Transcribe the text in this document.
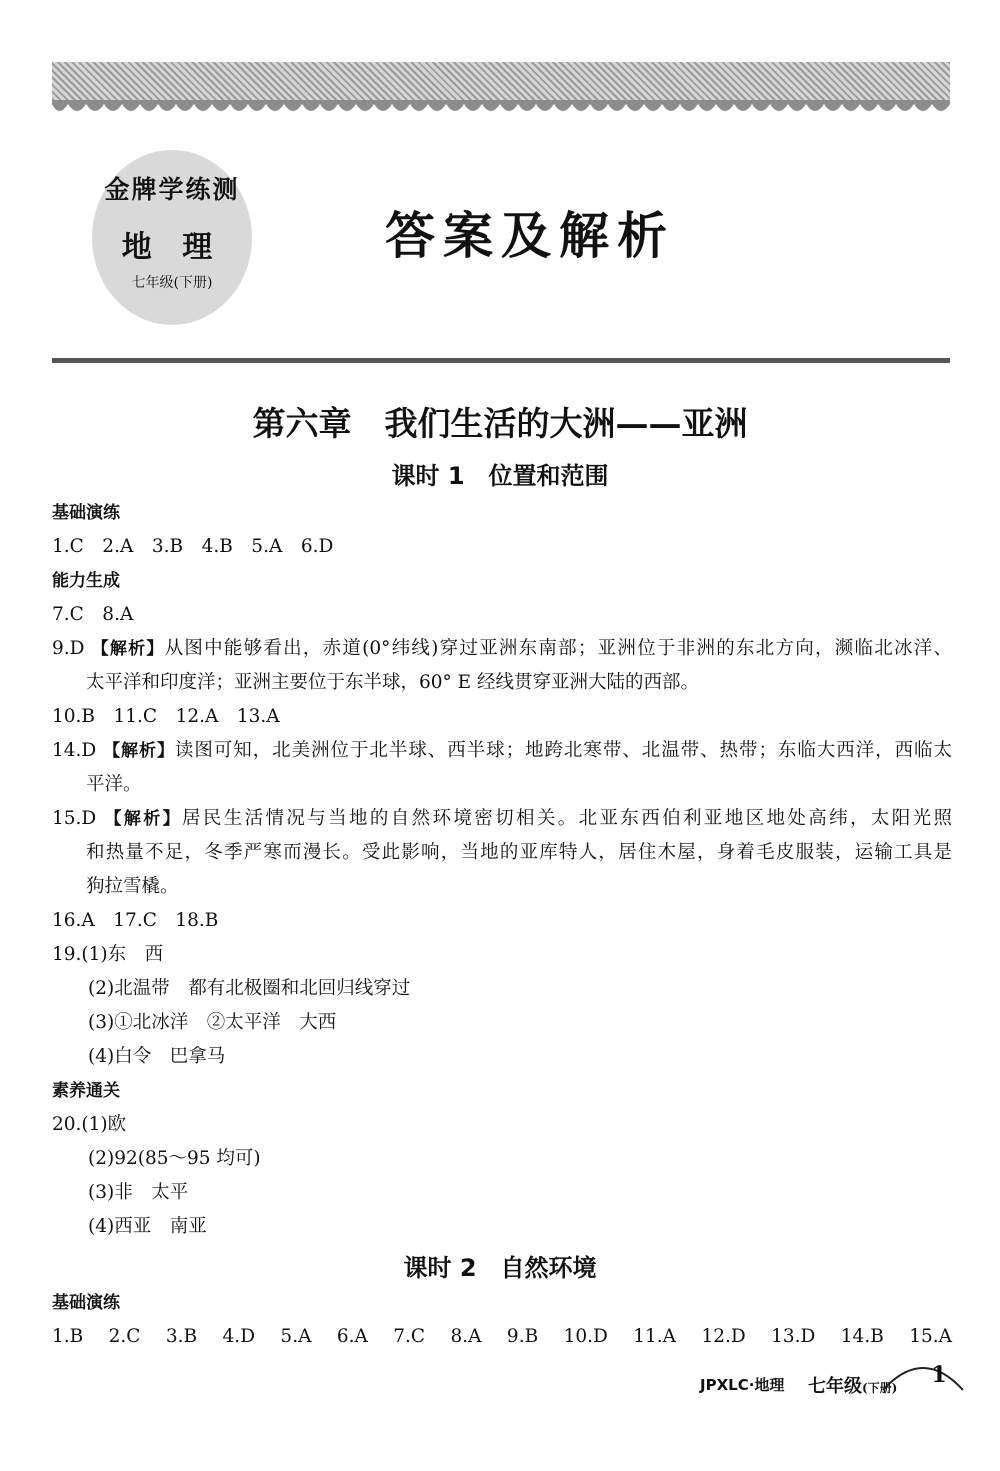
金牌学练测
地 理
七年级(下册)
答案及解析
第六章　我们生活的大洲——亚洲
课时 1　位置和范围
基础演练
1.C　2.A　3.B　4.B　5.A　6.D
能力生成
7.C　8.A
9.D 【解析】从图中能够看出，赤道(0°纬线)穿过亚洲东南部；亚洲位于非洲的东北方向，濒临北冰洋、
太平洋和印度洋；亚洲主要位于东半球，60° E 经线贯穿亚洲大陆的西部。
10.B　11.C　12.A　13.A
14.D 【解析】读图可知，北美洲位于北半球、西半球；地跨北寒带、北温带、热带；东临大西洋，西临太
平洋。
15.D 【解析】居民生活情况与当地的自然环境密切相关。北亚东西伯利亚地区地处高纬，太阳光照
和热量不足，冬季严寒而漫长。受此影响，当地的亚库特人，居住木屋，身着毛皮服装，运输工具是
狗拉雪橇。
16.A　17.C　18.B
19.(1)东　西
(2)北温带　都有北极圈和北回归线穿过
(3)①北冰洋　②太平洋　大西
(4)白令　巴拿马
素养通关
20.(1)欧
(2)92(85～95 均可)
(3)非　太平
(4)西亚　南亚
课时 2　自然环境
基础演练
1.B　2.C　3.B　4.D　5.A　6.A　7.C　8.A　9.B　10.D　11.A　12.D　13.D　14.B　15.A
JPXLC·地理 七年级(下册) 1
